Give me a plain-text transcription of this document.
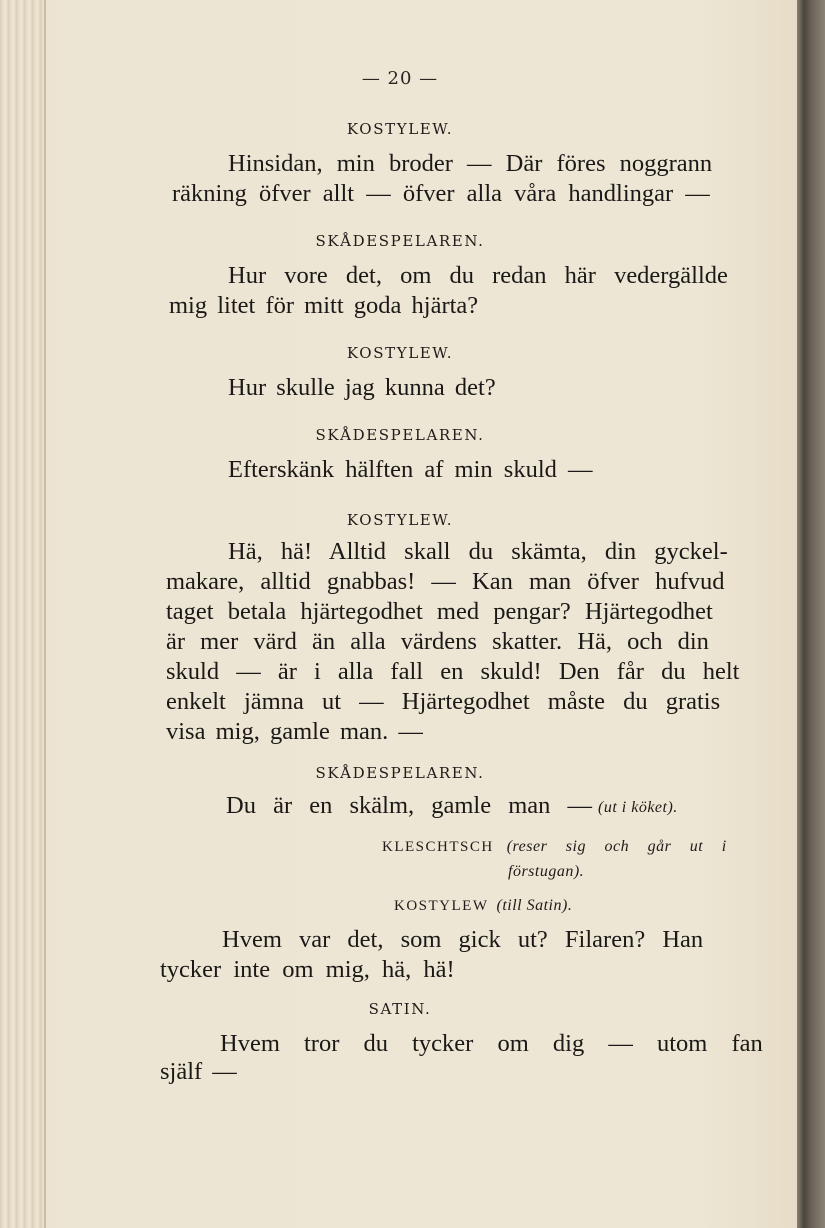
— 20 —
KOSTYLEW.
Hinsidan, min broder — Där föres noggrann
räkning öfver allt — öfver alla våra handlingar —
SKÅDESPELAREN.
Hur vore det, om du redan här vedergällde
mig litet för mitt goda hjärta?
KOSTYLEW.
Hur skulle jag kunna det?
SKÅDESPELAREN.
Efterskänk hälften af min skuld —
KOSTYLEW.
Hä, hä! Alltid skall du skämta, din gyckel-
makare, alltid gnabbas! — Kan man öfver hufvud
taget betala hjärtegodhet med pengar? Hjärtegodhet
är mer värd än alla värdens skatter. Hä, och din
skuld — är i alla fall en skuld! Den får du helt
enkelt jämna ut — Hjärtegodhet måste du gratis
visa mig, gamle man. —
SKÅDESPELAREN.
Du är en skälm, gamle man — (ut i köket).
KLESCHTSCH (reser sig och går ut i
förstugan).
KOSTYLEW (till Satin).
Hvem var det, som gick ut? Filaren? Han
tycker inte om mig, hä, hä!
SATIN.
Hvem tror du tycker om dig — utom fan
själf —
